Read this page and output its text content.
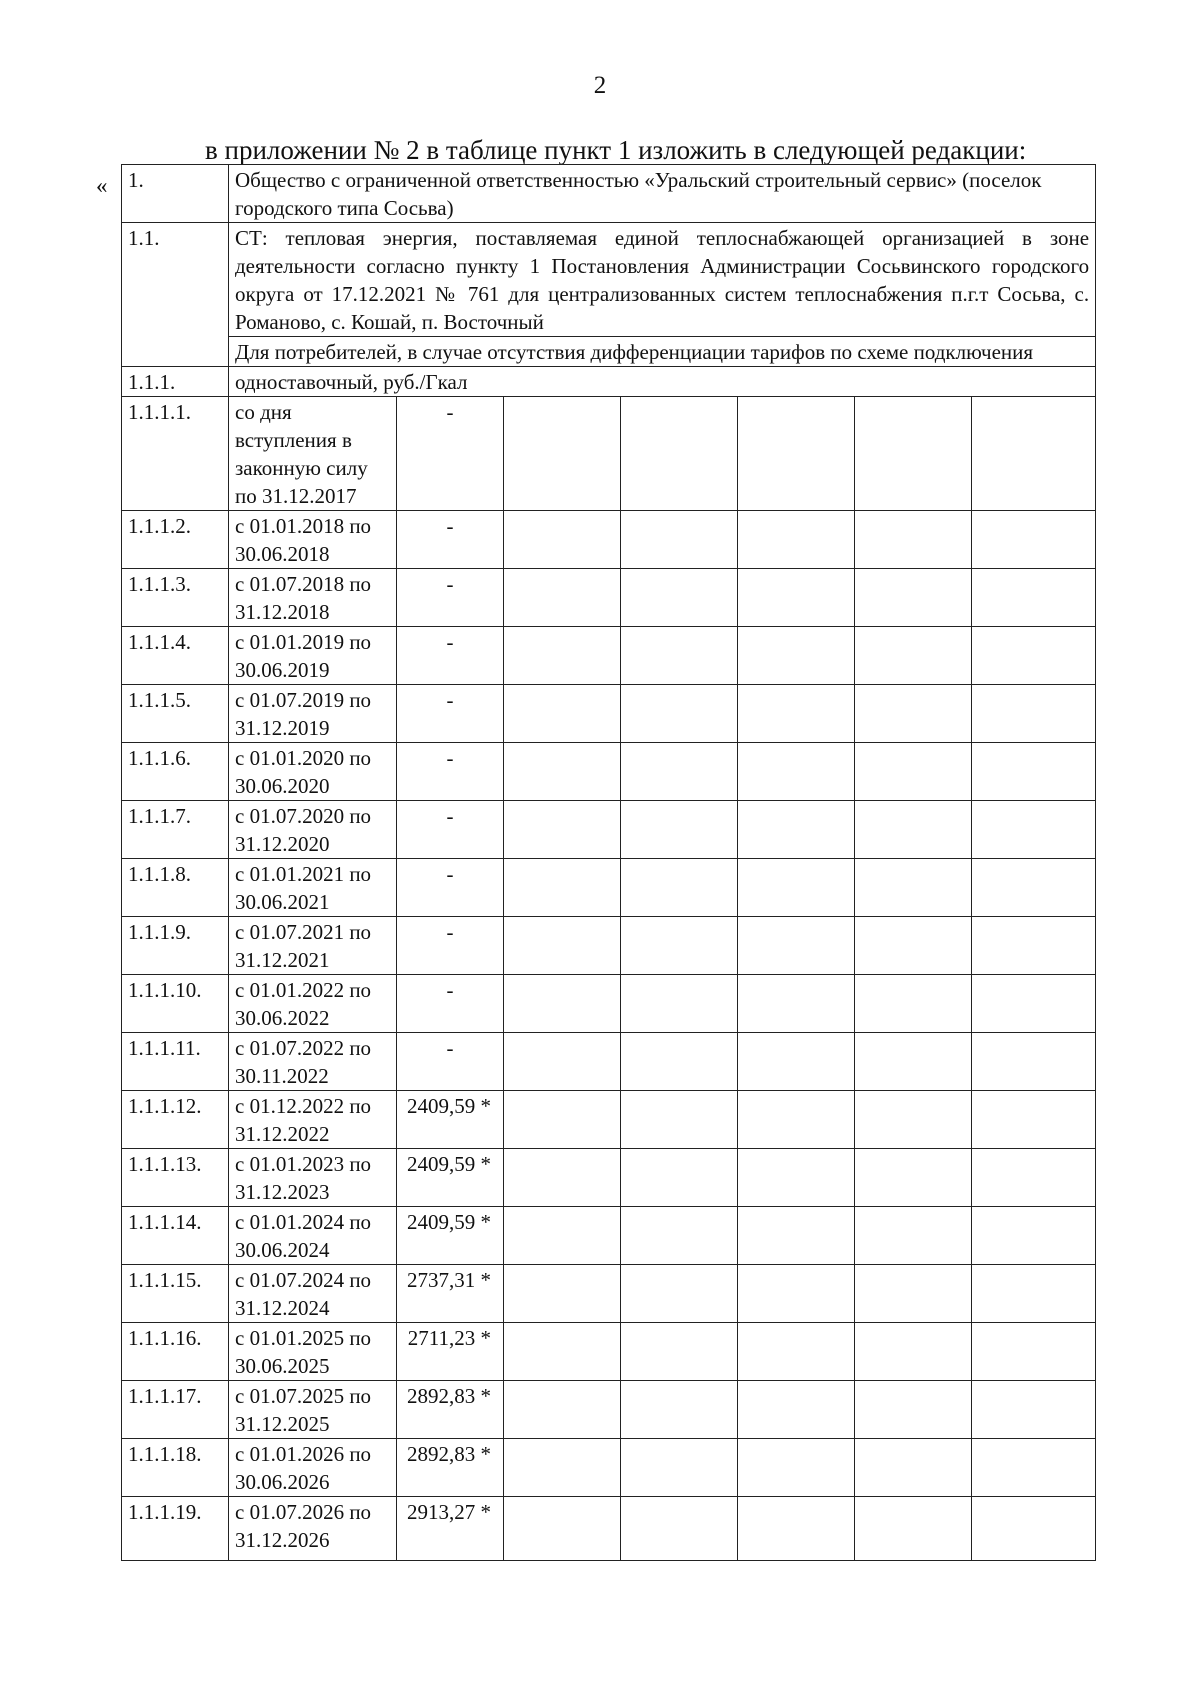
2
в приложении № 2 в таблице пункт 1 изложить в следующей редакции:
« 1.	Общество с ограниченной ответственностью «Уральский строительный сервис» (поселок городского типа Сосьва)						
1.1.	СТ: тепловая энергия, поставляемая единой теплоснабжающей организацией в зоне деятельности согласно пункту 1 Постановления Администрации Сосьвинского городского округа от 17.12.2021 № 761 для централизованных систем теплоснабжения п.г.т Сосьва, с. Романово, с. Кошай, п. Восточный						
	Для потребителей, в случае отсутствия дифференциации тарифов по схеме подключения						
1.1.1.	одноставочный, руб./Гкал						
1.1.1.1.	со дня вступления в законную силу по 31.12.2017	-					
1.1.1.2.	с 01.01.2018 по 30.06.2018	-					
1.1.1.3.	с 01.07.2018 по 31.12.2018	-					
1.1.1.4.	с 01.01.2019 по 30.06.2019	-					
1.1.1.5.	с 01.07.2019 по 31.12.2019	-					
1.1.1.6.	с 01.01.2020 по 30.06.2020	-					
1.1.1.7.	с 01.07.2020 по 31.12.2020	-					
1.1.1.8.	с 01.01.2021 по 30.06.2021	-					
1.1.1.9.	с 01.07.2021 по 31.12.2021	-					
1.1.1.10.	с 01.01.2022 по 30.06.2022	-					
1.1.1.11.	с 01.07.2022 по 30.11.2022	-					
1.1.1.12.	с 01.12.2022 по 31.12.2022	2409,59 *					
1.1.1.13.	с 01.01.2023 по 31.12.2023	2409,59 *					
1.1.1.14.	с 01.01.2024 по 30.06.2024	2409,59 *					
1.1.1.15.	с 01.07.2024 по 31.12.2024	2737,31 *					
1.1.1.16.	с 01.01.2025 по 30.06.2025	2711,23 *					
1.1.1.17.	с 01.07.2025 по 31.12.2025	2892,83 *					
1.1.1.18.	с 01.01.2026 по 30.06.2026	2892,83 *					
1.1.1.19.	с 01.07.2026 по 31.12.2026	2913,27 *					
